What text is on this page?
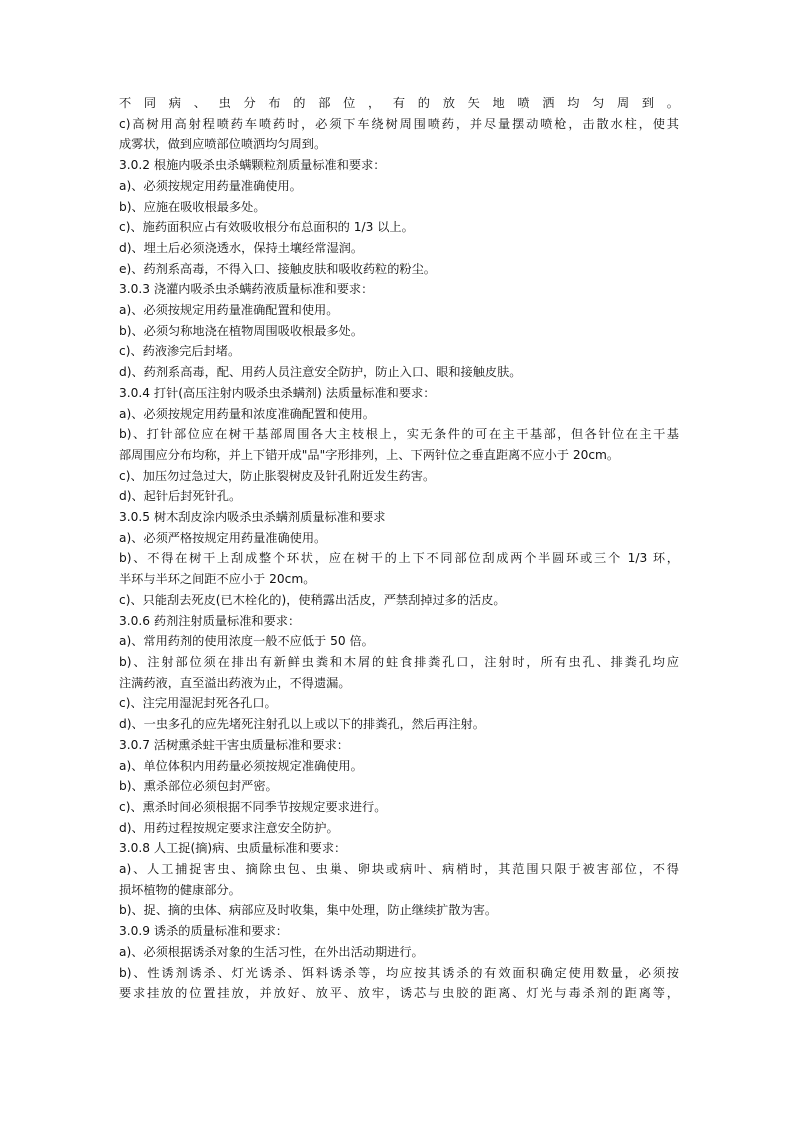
不同病、虫分布的部位，有的放矢地喷洒均匀周到。

c)高树用高射程喷药车喷药时，必须下车绕树周围喷药，并尽量摆动喷枪，击散水柱，使其

成雾状，做到应喷部位喷洒均匀周到。

3.0.2 根施内吸杀虫杀螨颗粒剂质量标准和要求：

a)、必须按规定用药量准确使用。

b)、应施在吸收根最多处。

c)、施药面积应占有效吸收根分布总面积的 1/3 以上。

d)、埋土后必须浇透水，保持土壤经常湿润。

e)、药剂系高毒，不得入口、接触皮肤和吸收药粒的粉尘。

3.0.3 浇灌内吸杀虫杀螨药液质量标准和要求：

a)、必须按规定用药量准确配置和使用。

b)、必须匀称地浇在植物周围吸收根最多处。

c)、药液渗完后封堵。

d)、药剂系高毒，配、用药人员注意安全防护，防止入口、眼和接触皮肤。

3.0.4 打针(高压注射内吸杀虫杀螨剂) 法质量标准和要求：

a)、必须按规定用药量和浓度准确配置和使用。

b)、打针部位应在树干基部周围各大主枝根上，实无条件的可在主干基部，但各针位在主干基

部周围应分布均称，并上下错开成"品"字形排列，上、下两针位之垂直距离不应小于 20cm。

c)、加压勿过急过大，防止胀裂树皮及针孔附近发生药害。

d)、起针后封死针孔。

3.0.5 树木刮皮涂内吸杀虫杀螨剂质量标准和要求

a)、必须严格按规定用药量准确使用。

b)、不得在树干上刮成整个环状，应在树干的上下不同部位刮成两个半圆环或三个 1/3 环，

半环与半环之间距不应小于 20cm。

c)、只能刮去死皮(已木栓化的)，使稍露出活皮，严禁刮掉过多的活皮。

3.0.6 药剂注射质量标准和要求：

a)、常用药剂的使用浓度一般不应低于 50 倍。

b)、注射部位须在排出有新鲜虫粪和木屑的蛀食排粪孔口，注射时，所有虫孔、排粪孔均应

注满药液，直至溢出药液为止，不得遗漏。

c)、注完用湿泥封死各孔口。

d)、一虫多孔的应先堵死注射孔以上或以下的排粪孔，然后再注射。

3.0.7 活树熏杀蛀干害虫质量标准和要求：

a)、单位体积内用药量必须按规定准确使用。

b)、熏杀部位必须包封严密。

c)、熏杀时间必须根据不同季节按规定要求进行。

d)、用药过程按规定要求注意安全防护。

3.0.8 人工捉(摘)病、虫质量标准和要求：

a)、人工捕捉害虫、摘除虫包、虫巢、卵块或病叶、病梢时，其范围只限于被害部位，不得

损坏植物的健康部分。

b)、捉、摘的虫体、病部应及时收集，集中处理，防止继续扩散为害。

3.0.9 诱杀的质量标准和要求：

a)、必须根据诱杀对象的生活习性，在外出活动期进行。

b)、性诱剂诱杀、灯光诱杀、饵料诱杀等，均应按其诱杀的有效面积确定使用数量，必须按

要求挂放的位置挂放，并放好、放平、放牢，诱芯与虫胶的距离、灯光与毒杀剂的距离等，
